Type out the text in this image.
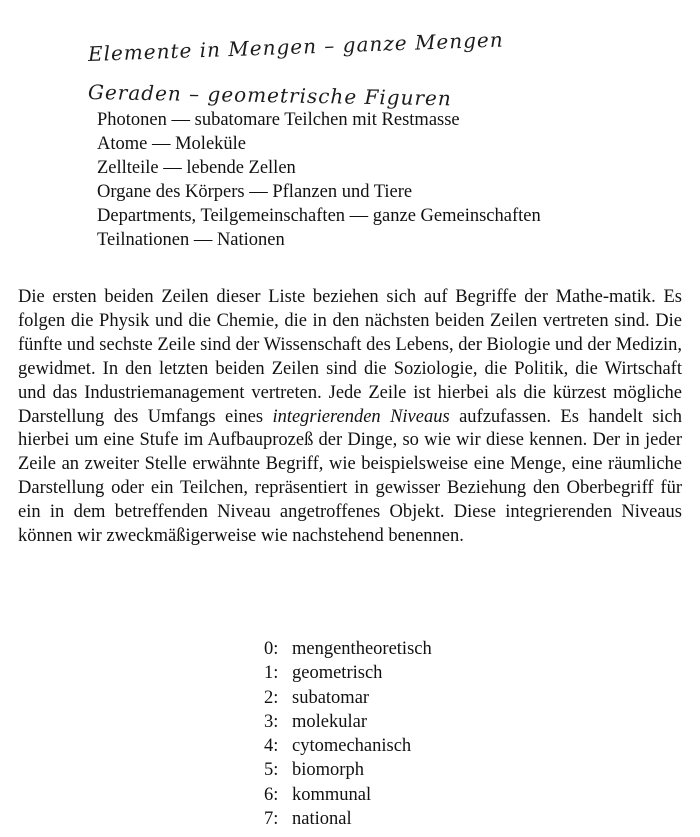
Elemente in Mengen – ganze Mengen
Geraden – geometrische Figuren
Photonen — subatomare Teilchen mit Restmasse
Atome — Moleküle
Zellteile — lebende Zellen
Organe des Körpers — Pflanzen und Tiere
Departments, Teilgemeinschaften — ganze Gemeinschaften
Teilnationen — Nationen

Die ersten beiden Zeilen dieser Liste beziehen sich auf Begriffe der Mathe-matik. Es folgen die Physik und die Chemie, die in den nächsten beiden Zeilen vertreten sind. Die fünfte und sechste Zeile sind der Wissenschaft des Lebens, der Biologie und der Medizin, gewidmet. In den letzten beiden Zeilen sind die Soziologie, die Politik, die Wirtschaft und das Industriemanagement vertreten. Jede Zeile ist hierbei als die kürzest mögliche Darstellung des Umfangs eines integrierenden Niveaus aufzufassen. Es handelt sich hierbei um eine Stufe im Aufbauprozeß der Dinge, so wie wir diese kennen. Der in jeder Zeile an zweiter Stelle erwähnte Begriff, wie beispielsweise eine Menge, eine räumliche Darstellung oder ein Teilchen, repräsentiert in gewisser Beziehung den Oberbegriff für ein in dem betreffenden Niveau angetroffenes Objekt. Diese integrierenden Niveaus können wir zweckmäßigerweise wie nachstehend benennen.

0: mengentheoretisch
1: geometrisch
2: subatomar
3: molekular
4: cytomechanisch
5: biomorph
6: kommunal
7: national
